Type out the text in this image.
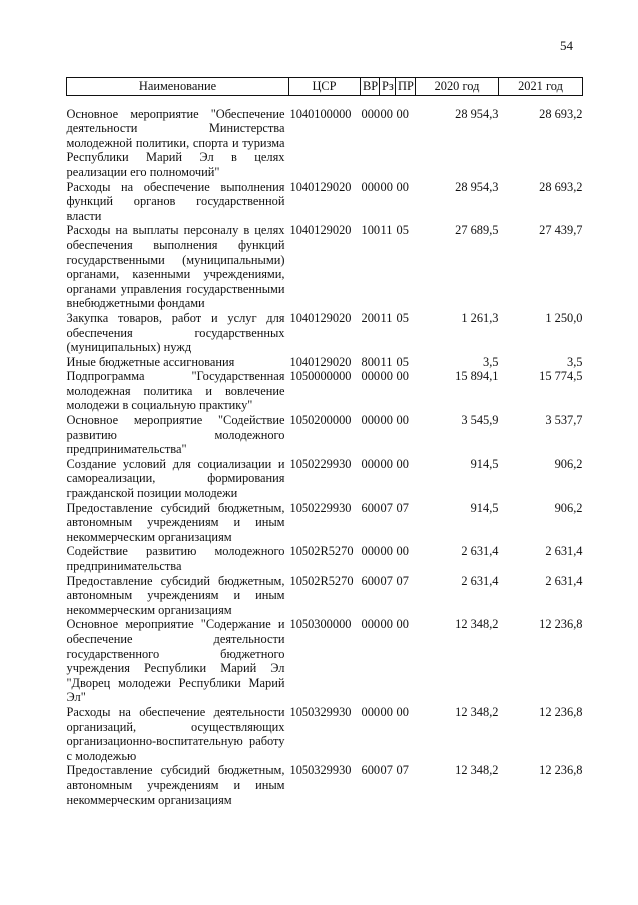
54
Наименование	ЦСР	ВР	Рз	ПР	2020 год	2021 год
Основное мероприятие "Обеспечение деятельности Министерства молодежной политики, спорта и туризма Республики Марий Эл в целях реализации его полномочий"	1040100000	000	00	00	28 954,3	28 693,2
Расходы на обеспечение выполнения функций органов государственной власти	1040129020	000	00	00	28 954,3	28 693,2
Расходы на выплаты персоналу в целях обеспечения выполнения функций государственными (муниципальными) органами, казенными учреждениями, органами управления государственными внебюджетными фондами	1040129020	100	11	05	27 689,5	27 439,7
Закупка товаров, работ и услуг для обеспечения государственных (муниципальных) нужд	1040129020	200	11	05	1 261,3	1 250,0
Иные бюджетные ассигнования	1040129020	800	11	05	3,5	3,5
Подпрограмма "Государственная молодежная политика и вовлечение молодежи в социальную практику"	1050000000	000	00	00	15 894,1	15 774,5
Основное мероприятие "Содействие развитию молодежного предпринимательства"	1050200000	000	00	00	3 545,9	3 537,7
Создание условий для социализации и самореализации, формирования гражданской позиции молодежи	1050229930	000	00	00	914,5	906,2
Предоставление субсидий бюджетным, автономным учреждениям и иным некоммерческим организациям	1050229930	600	07	07	914,5	906,2
Содействие развитию молодежного предпринимательства	10502R5270	000	00	00	2 631,4	2 631,4
Предоставление субсидий бюджетным, автономным учреждениям и иным некоммерческим организациям	10502R5270	600	07	07	2 631,4	2 631,4
Основное мероприятие "Содержание и обеспечение деятельности государственного бюджетного учреждения Республики Марий Эл "Дворец молодежи Республики Марий Эл"	1050300000	000	00	00	12 348,2	12 236,8
Расходы на обеспечение деятельности организаций, осуществляющих организационно-воспитательную работу с молодежью	1050329930	000	00	00	12 348,2	12 236,8
Предоставление субсидий бюджетным, автономным учреждениям и иным некоммерческим организациям	1050329930	600	07	07	12 348,2	12 236,8
